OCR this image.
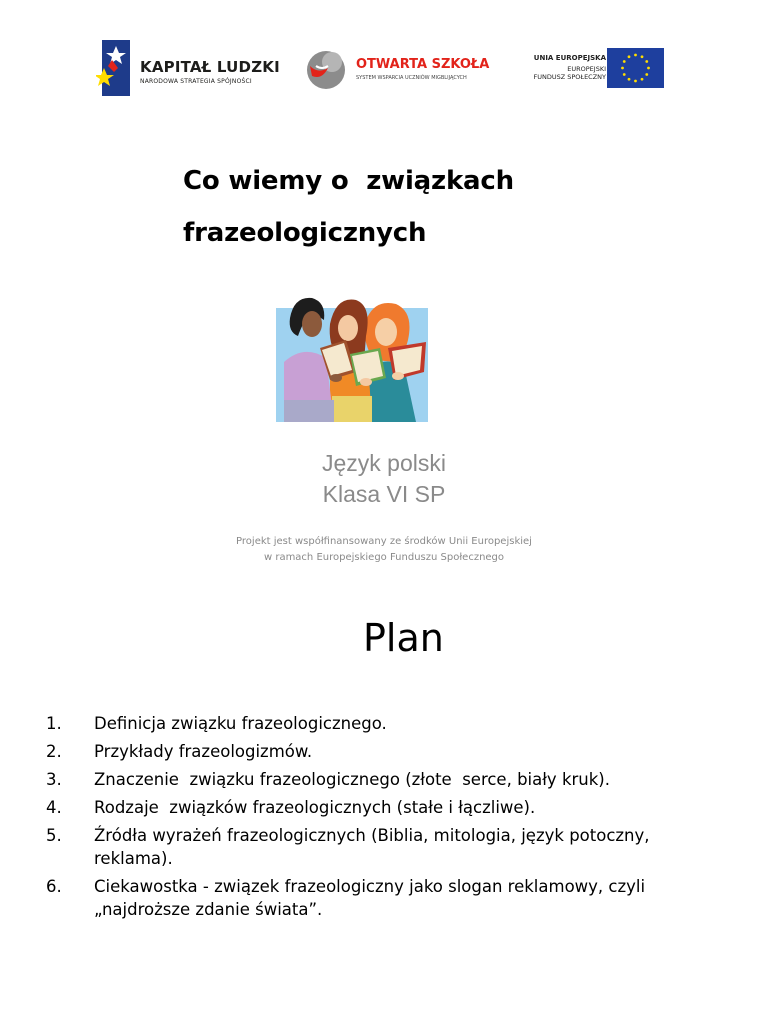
KAPITAŁ LUDZKI
NARODOWA STRATEGIA SPÓJNOŚCI
OTWARTA SZKOŁA
SYSTEM WSPARCIA UCZNIÓW MIGBLIJĄCYCH
UNIA EUROPEJSKA
EUROPEJSKI
FUNDUSZ SPOŁECZNY
Co wiemy o  związkach
frazeologicznych
Język polski
Klasa VI SP
Projekt jest współfinansowany ze środków Unii Europejskiej
w ramach Europejskiego Funduszu Społecznego
Plan
1. Definicja związku frazeologicznego.
2. Przykłady frazeologizmów.
3. Znaczenie  związku frazeologicznego (złote  serce, biały kruk).
4. Rodzaje  związków frazeologicznych (stałe i łączliwe).
5. Źródła wyrażeń frazeologicznych (Biblia, mitologia, język potoczny, reklama).
6. Ciekawostka - związek frazeologiczny jako slogan reklamowy, czyli „najdroższe zdanie świata”.
